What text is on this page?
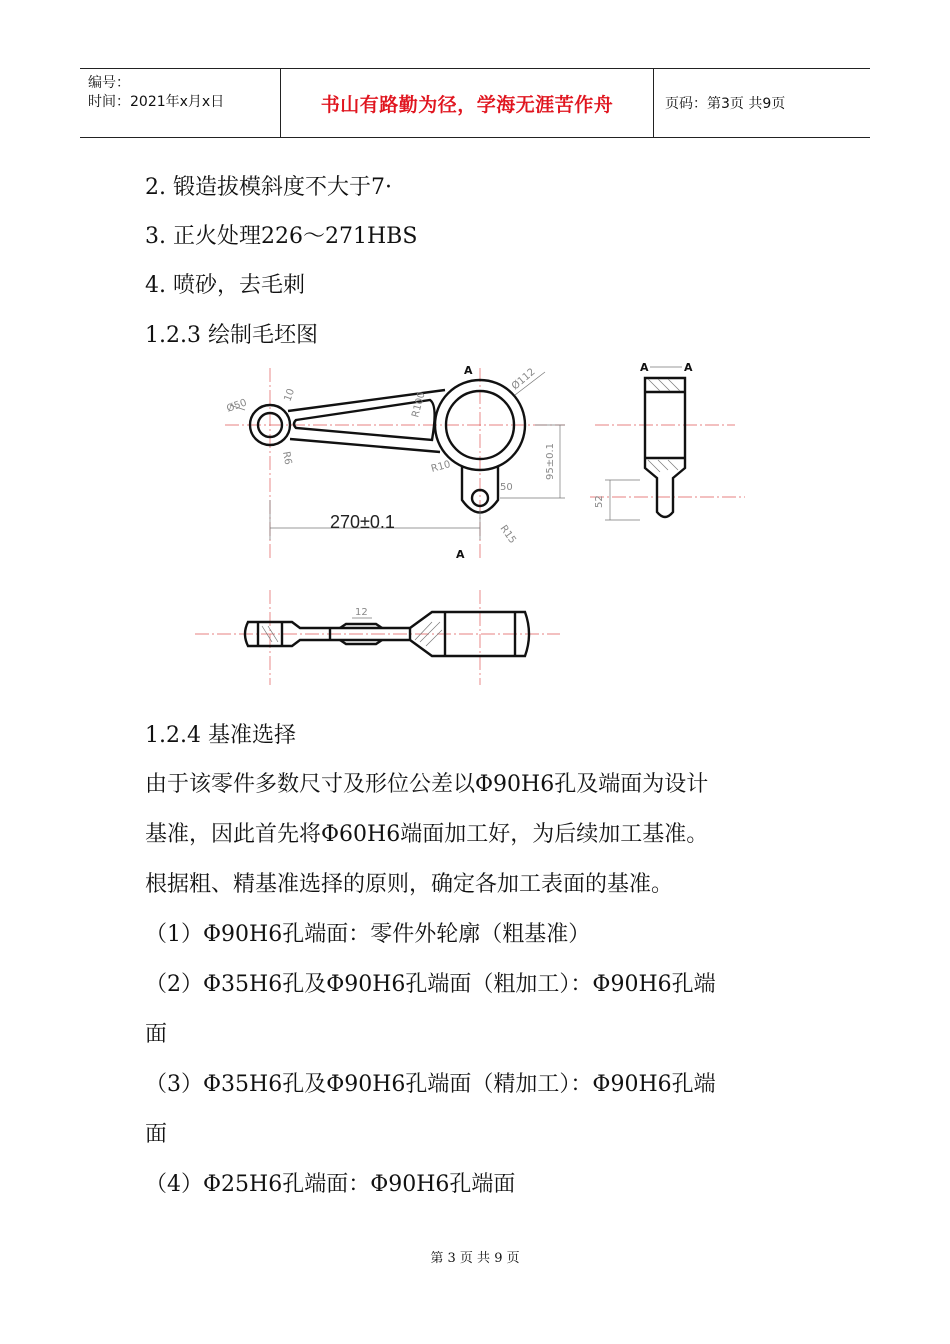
编号：
时间：2021年x月x日	书山有路勤为径，学海无涯苦作舟	页码：第3页 共9页
2. 锻造拔模斜度不大于7·
3. 正火处理226～271HBS
4. 喷砂，去毛刺
1.2.3 绘制毛坯图
270±0.1
Ø50
Ø112
R100
R6
10
R10
50
R15
95±0.1
A
A
A	A
52
12
1.2.4 基准选择
由于该零件多数尺寸及形位公差以Φ90H6孔及端面为设计
基准，因此首先将Φ60H6端面加工好，为后续加工基准。
根据粗、精基准选择的原则，确定各加工表面的基准。
（1）Φ90H6孔端面：零件外轮廓（粗基准）
（2）Φ35H6孔及Φ90H6孔端面（粗加工）：Φ90H6孔端
面
（3）Φ35H6孔及Φ90H6孔端面（精加工）：Φ90H6孔端
面
（4）Φ25H6孔端面：Φ90H6孔端面
第 3 页 共 9 页
